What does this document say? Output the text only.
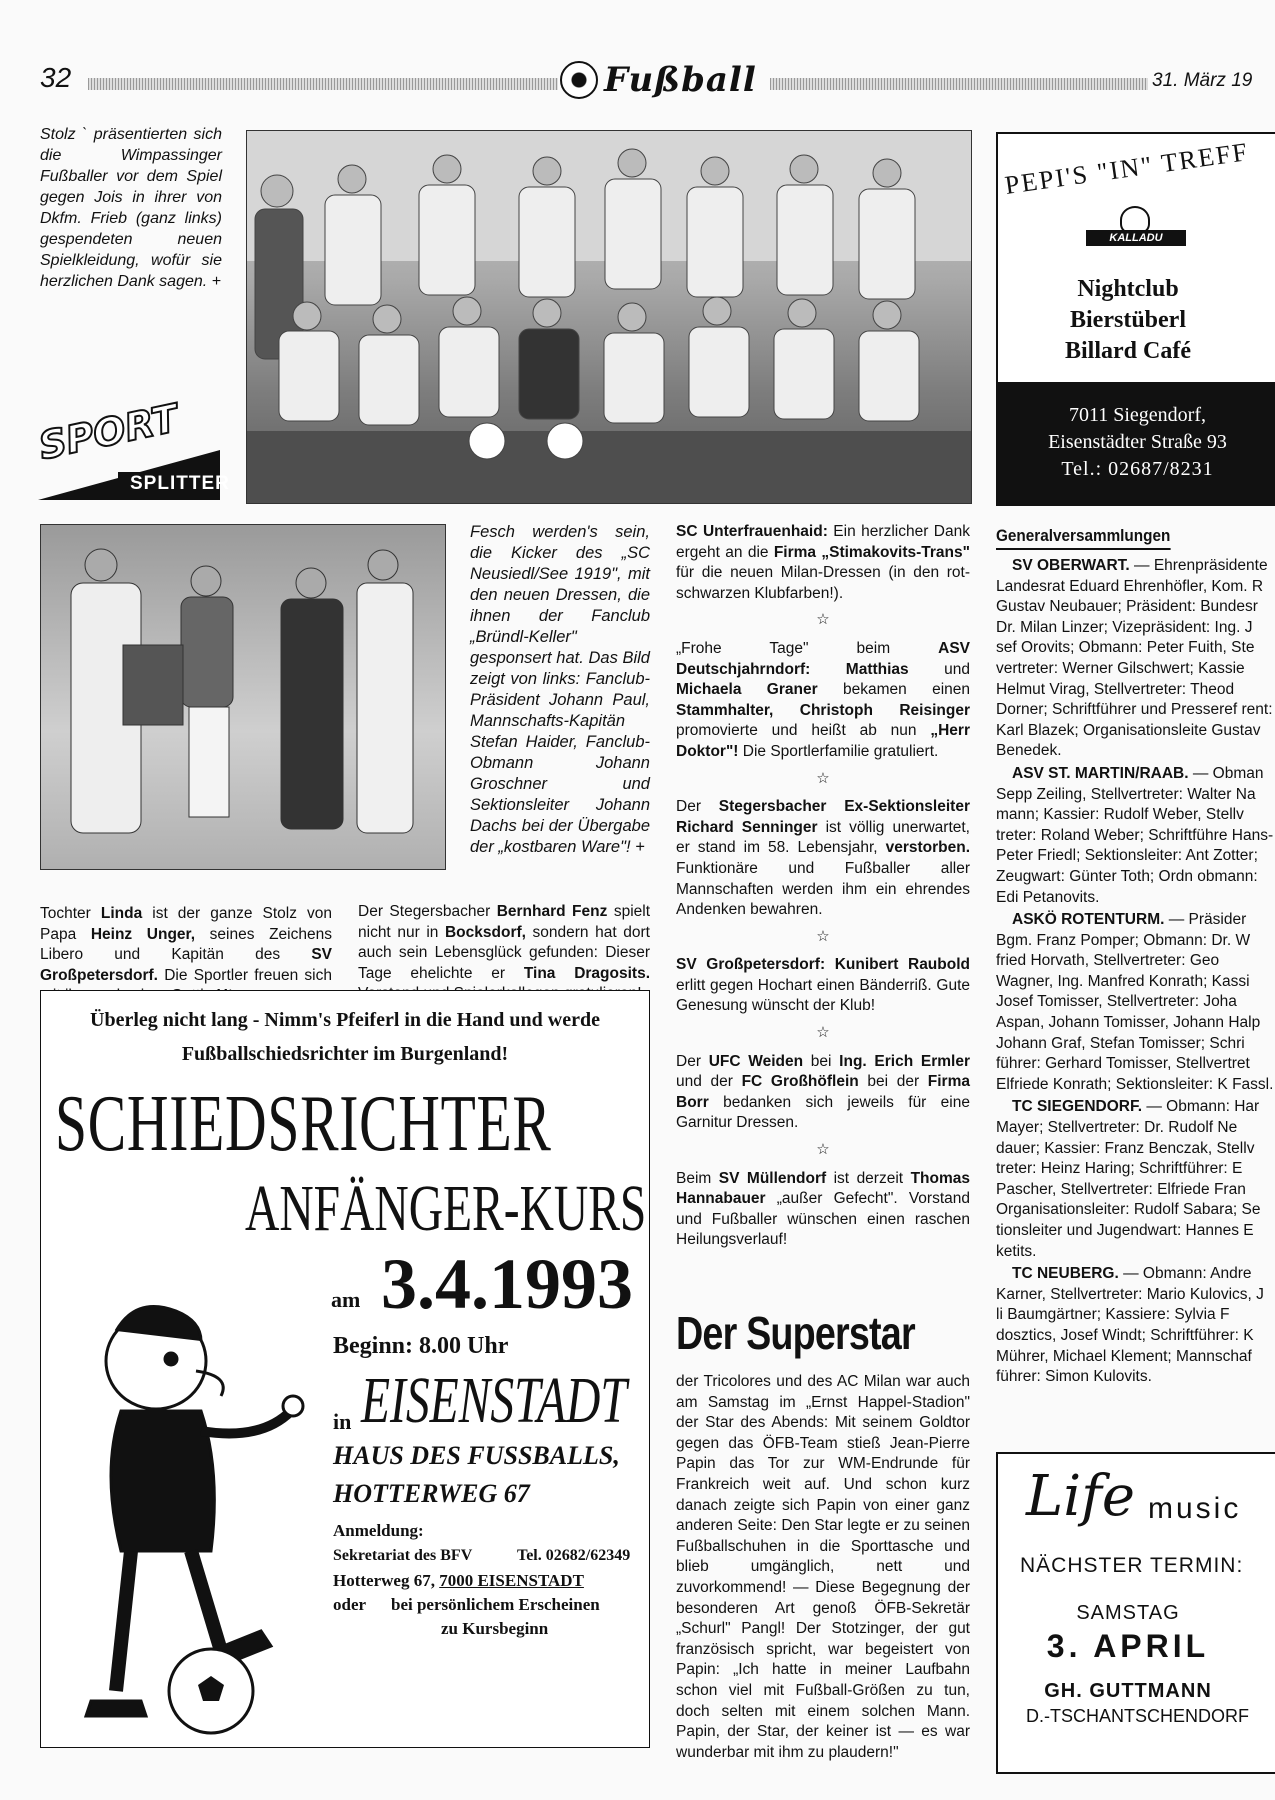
32	Fußball	31. März 19
Stolz ` präsentierten sich die Wimpassinger Fußballer vor dem Spiel gegen Jois in ihrer von Dkfm. Frieb (ganz links) gespendeten neuen Spielkleidung, wofür sie herzlichen Dank sagen. +
SPORT
SPLITTER
Tochter Linda ist der ganze Stolz von Papa Heinz Unger, seines Zeichens Libero und Kapitän des SV Großpetersdorf. Die Sportler freuen sich
Fesch werden's sein, die Kicker des „SC Neusiedl/See 1919", mit den neuen Dressen, die ihnen der Fanclub „Bründl-Keller" gesponsert hat. Das Bild zeigt von links: Fanclub-Präsident Johann Paul, Mannschafts-Kapitän Stefan Haider, Fanclub-Obmann Johann Groschner und Sektionsleiter Johann Dachs bei der Übergabe der „kostbaren Ware"! +
Der Stegersbacher Bernhard Fenz spielt nicht nur in Bocksdorf, sondern hat dort auch sein Lebensglück gefunden: Dieser Tage ehelichte er Tina Dragosits.

SC Unterfrauenhaid: Ein herzlicher Dank ergeht an die Firma „Stimakovits-Trans" für die neuen Milan-Dressen (in den rot-schwarzen Klubfarben!).

☆

„Frohe Tage" beim ASV Deutschjahrndorf: Matthias und Michaela Graner bekamen einen Stammhalter, Christoph Reisinger promovierte und heißt ab nun „Herr Doktor"! Die Sportlerfamilie gratuliert.

☆

Der Stegersbacher Ex-Sektionsleiter Richard Senninger ist völlig unerwartet, er stand im 58. Lebensjahr, verstorben. Funktionäre und Fußballer aller Mannschaften werden ihm ein ehrendes Andenken bewahren.

☆

SV Großpetersdorf: Kunibert Raubold erlitt gegen Hochart einen Bänderriß. Gute Genesung wünscht der Klub!

☆

Der UFC Weiden bei Ing. Erich Ermler und der FC Großhöflein bei der Firma Borr bedanken sich jeweils für eine Garnitur Dressen.

☆

Beim SV Müllendorf ist derzeit Thomas Hannabauer „außer Gefecht". Vorstand und Fußballer wünschen einen raschen Heilungsverlauf!

Der Superstar
der Tricolores und des AC Milan war auch am Samstag im „Ernst Happel-Stadion" der Star des Abends: Mit seinem Goldtor gegen das ÖFB-Team stieß Jean-Pierre Papin das Tor zur WM-Endrunde für Frankreich weit auf. Und schon kurz danach zeigte sich Papin von einer ganz anderen Seite: Den Star legte er zu seinen Fußballschuhen in die Sporttasche und blieb umgänglich, nett und zuvorkommend! — Diese Begegnung der besonderen Art genoß ÖFB-Sekretär „Schurl" Pangl! Der Stotzinger, der gut französisch spricht, war begeistert von Papin: „Ich hatte in meiner Laufbahn schon viel mit Fußball-Größen zu tun, doch selten mit einem solchen Mann. Papin, der Star, der keiner ist — es war wunderbar mit ihm zu plaudern!"
PEPI'S "IN" TREFF
KALLADU
Nightclub
Bierstüberl
Billard Café
7011 Siegendorf,
Eisenstädter Straße 93
Tel.: 02687/8231
Generalversammlungen

SV OBERWART. — Ehrenpräsidente Landesrat Eduard Ehrenhöfler, Kom. R Gustav Neubauer; Präsident: Bundesr Dr. Milan Linzer; Vizepräsident: Ing. J sef Orovits; Obmann: Peter Fuith, Ste vertreter: Werner Gilschwert; Kassie Helmut Virag, Stellvertreter: Theod Dorner; Schriftführer und Presseref rent: Karl Blazek; Organisationsleite Gustav Benedek.

ASV ST. MARTIN/RAAB. — Obman Sepp Zeiling, Stellvertreter: Walter Na mann; Kassier: Rudolf Weber, Stellv treter: Roland Weber; Schriftführe Hans-Peter Friedl; Sektionsleiter: Ant Zotter; Zeugwart: Günter Toth; Ordn obmann: Edi Petanovits.

ASKÖ ROTENTURM. — Präsider Bgm. Franz Pomper; Obmann: Dr. W fried Horvath, Stellvertreter: Geo Wagner, Ing. Manfred Konrath; Kassi Josef Tomisser, Stellvertreter: Joha Aspan, Johann Tomisser, Johann Halp Johann Graf, Stefan Tomisser; Schri führer: Gerhard Tomisser, Stellvertret Elfriede Konrath; Sektionsleiter: K Fassl.

TC SIEGENDORF. — Obmann: Har Mayer; Stellvertreter: Dr. Rudolf Ne dauer; Kassier: Franz Benczak, Stellv treter: Heinz Haring; Schriftführer: E Pascher, Stellvertreter: Elfriede Fran Organisationsleiter: Rudolf Sabara; Se tionsleiter und Jugendwart: Hannes E ketits.

TC NEUBERG. — Obmann: Andre Karner, Stellvertreter: Mario Kulovics, J li Baumgärtner; Kassiere: Sylvia F dosztics, Josef Windt; Schriftführer: K Mührer, Michael Klement; Mannschaf führer: Simon Kulovits.

Life music
NÄCHSTER TERMIN:
SAMSTAG
3. APRIL
GH. GUTTMANN
D.-TSCHANTSCHENDORF
Überleg nicht lang - Nimm's Pfeiferl in die Hand und werde
Fußballschiedsrichter im Burgenland!
SCHIEDSRICHTER
ANFÄNGER-KURS
am 3.4.1993
Beginn: 8.00 Uhr
in EISENSTADT
HAUS DES FUSSBALLS,
HOTTERWEG 67
Anmeldung:
Sekretariat des BFV	Tel. 02682/62349
Hotterweg 67, 7000 EISENSTADT
oder bei persönlichem Erscheinen
zu Kursbeginn
